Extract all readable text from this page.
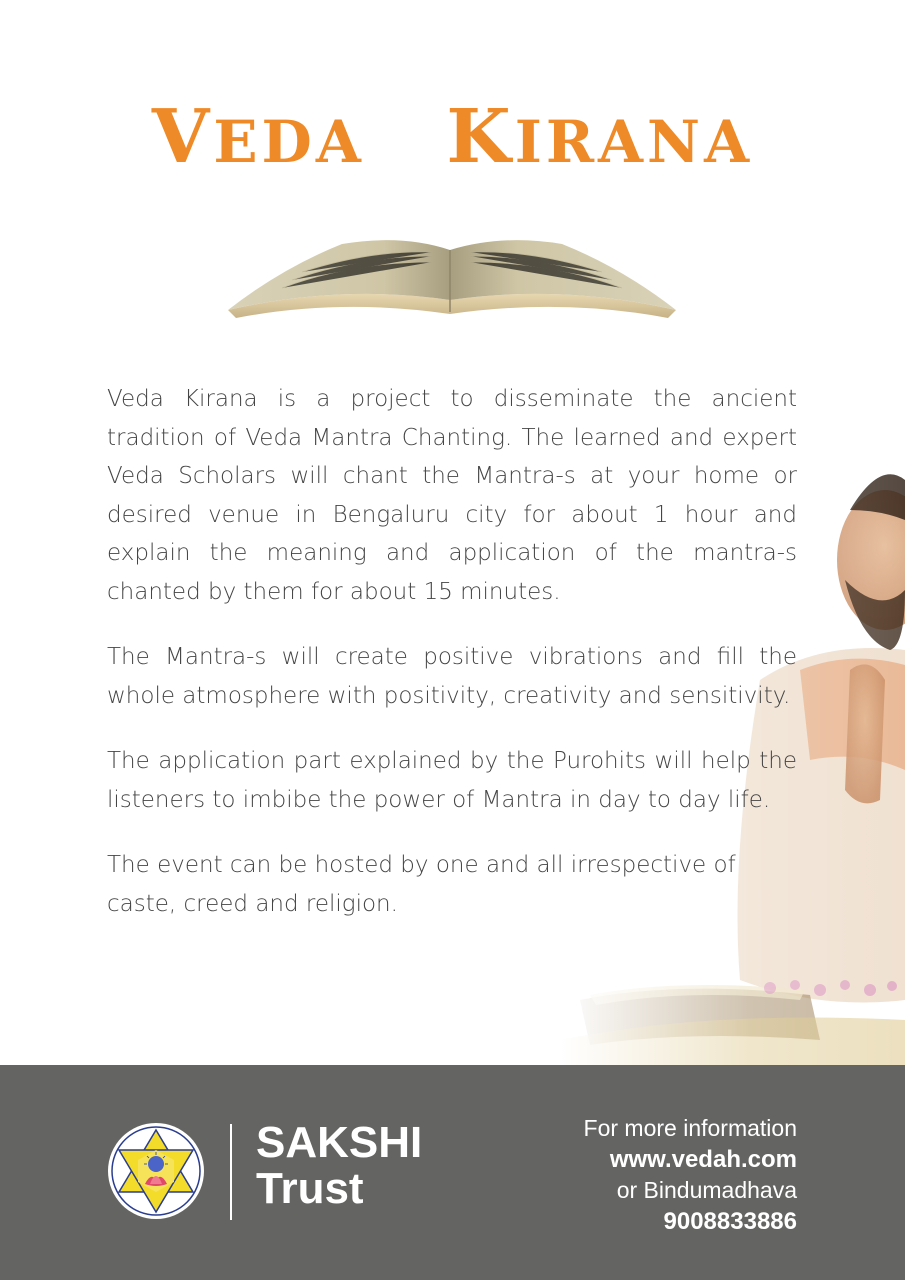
VEDA KIRANA

Veda Kirana is a project to disseminate the ancient tradition of Veda Mantra Chanting. The learned and expert Veda Scholars will chant the Mantra-s at your home or desired venue in Bengaluru city for about 1 hour and explain the meaning and application of the mantra-s chanted by them for about 15 minutes.

The Mantra-s will create positive vibrations and fill the whole atmosphere with positivity, creativity and sensitivity.

The application part explained by the Purohits will help the listeners to imbibe the power of Mantra in day to day life.

The event can be hosted by one and all irrespective of caste, creed and religion.

SAKSHI
Trust
For more information
www.vedah.com
or Bindumadhava
9008833886
